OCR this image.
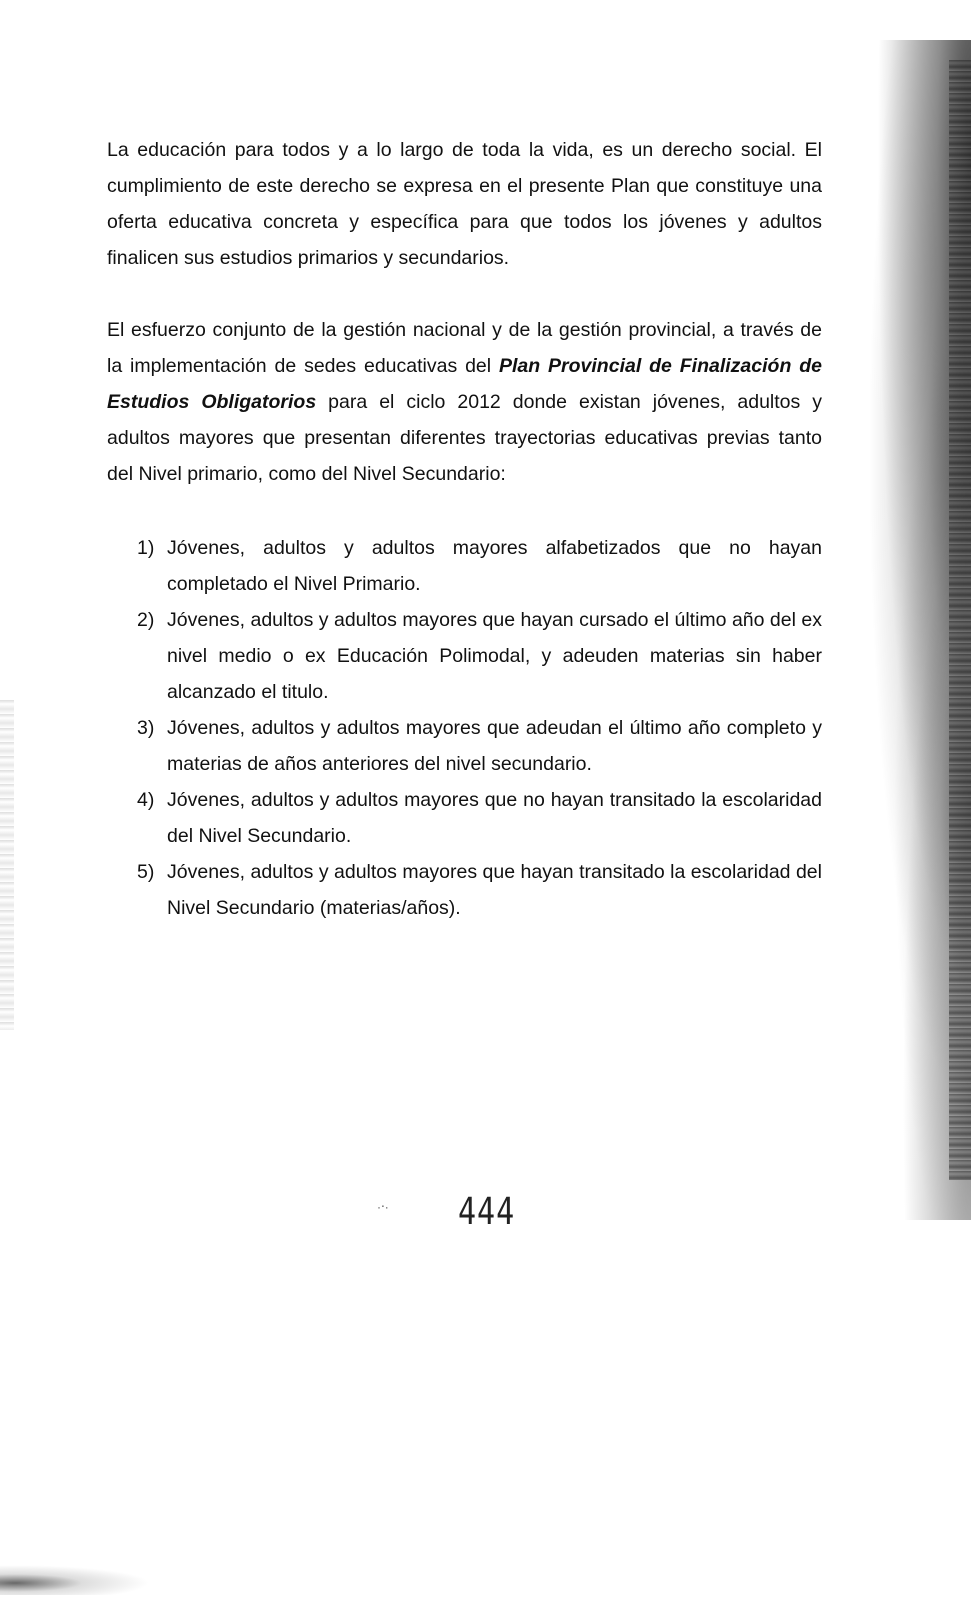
La educación para todos y a lo largo de toda la vida, es un derecho social. El cumplimiento de este derecho se expresa en el presente Plan que constituye una oferta educativa concreta y específica para que todos los jóvenes y adultos finalicen sus estudios primarios y secundarios.

El esfuerzo conjunto de la gestión nacional y de la gestión provincial, a través de la implementación de sedes educativas del Plan Provincial de Finalización de Estudios Obligatorios para el ciclo 2012 donde existan jóvenes, adultos y adultos mayores que presentan diferentes trayectorias educativas previas tanto del Nivel primario, como del Nivel Secundario:

1) Jóvenes, adultos y adultos mayores alfabetizados que no hayan completado el Nivel Primario.
2) Jóvenes, adultos y adultos mayores que hayan cursado el último año del ex nivel medio o ex Educación Polimodal, y adeuden materias sin haber alcanzado el titulo.
3) Jóvenes, adultos y adultos mayores que adeudan el último año completo y materias de años anteriores del nivel secundario.
4) Jóvenes, adultos y adultos mayores que no hayan transitado la escolaridad del Nivel Secundario.
5) Jóvenes, adultos y adultos mayores que hayan transitado la escolaridad del Nivel Secundario (materias/años).
·‧· 444
